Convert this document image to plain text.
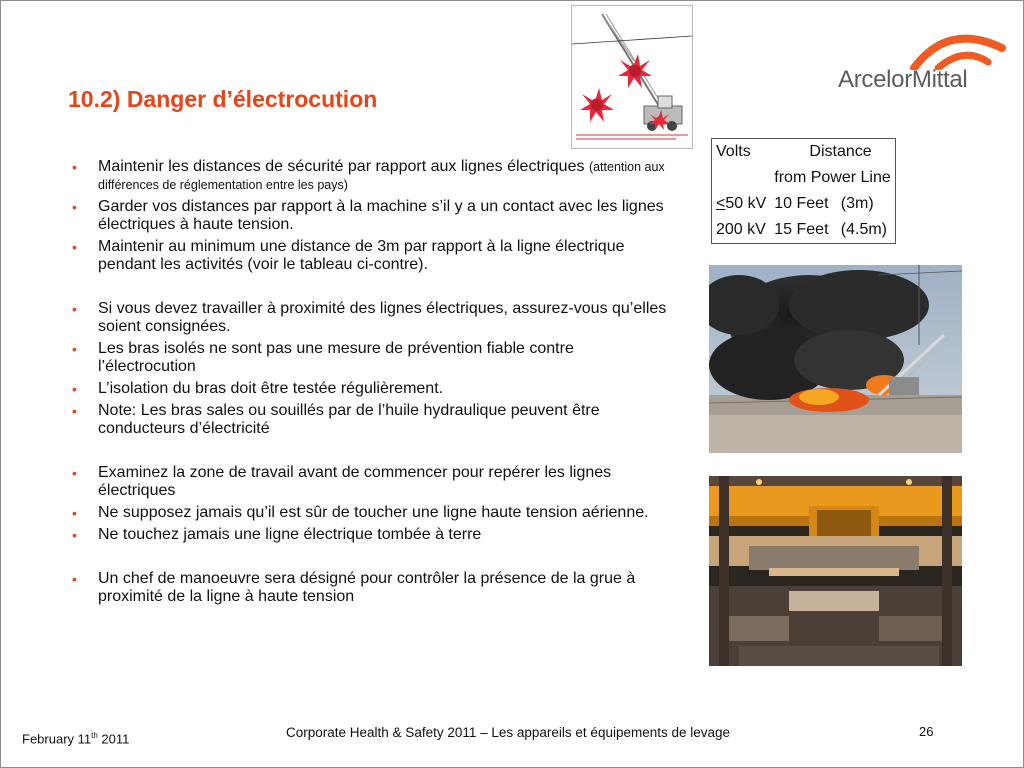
ArcelorMittal
10.2) Danger d’électrocution
• Maintenir les distances de sécurité par rapport aux lignes électriques (attention aux différences de réglementation entre les pays)
• Garder vos distances par rapport à la machine s’il y a un contact avec les lignes électriques à haute tension.
• Maintenir au minimum une distance de 3m par rapport à la ligne électrique pendant les activités (voir le tableau ci-contre).
• Si vous devez travailler à proximité des lignes électriques, assurez-vous qu’elles soient consignées.
• Les bras isolés ne sont pas une mesure de prévention fiable contre l’électrocution
• L’isolation du bras doit être testée régulièrement.
• Note: Les bras sales ou souillés par de l’huile hydraulique peuvent être conducteurs d’électricité
• Examinez la zone de travail avant de commencer pour repérer les lignes électriques
• Ne supposez jamais qu’il est sûr de toucher une ligne haute tension aérienne.
• Ne touchez jamais une ligne électrique tombée à terre
• Un chef de manoeuvre sera désigné pour contrôler la présence de la grue à proximité de la ligne à haute tension
Volts	Distance	
	from Power Line	
<50 kV	10 Feet	(3m)
200 kV	15 Feet	(4.5m)
February 11th 2011	Corporate Health & Safety 2011 – Les appareils et équipements de levage	26
